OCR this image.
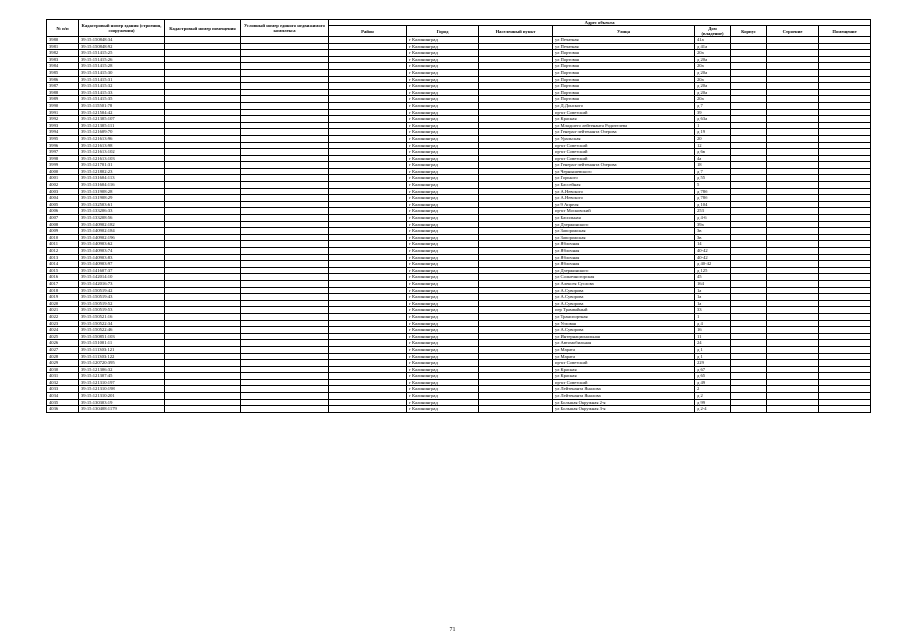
№ п/п	Кадастровый номер здания (строения, сооружения)	Кадастровый номер помещения	Условный номер единого недвижимого комплекса	Адрес объекта							
				Район	Город	Населенный пункт	Улица	Дом (владение)	Корпус	Строение	Помещение
3980	39:15:150848:34				г Калининград		ул Печатная	41а			
3981	39:15:150848:92				г Калининград		ул Печатная	д 41а			
3982	39:15:151415:25				г Калининград		ул Портовая	20а			
3983	39:15:151415:26				г Калининград		ул Портовая	д 20а			
3984	39:15:151415:28				г Калининград		ул Портовая	20а			
3985	39:15:151415:30				г Калининград		ул Портовая	д 20а			
3986	39:15:151415:31				г Калининград		ул Портовая	20а			
3987	39:15:151415:32				г Калининград		ул Портовая	д 20а			
3988	39:15:151415:33				г Калининград		ул Портовая	д 20а			
3989	39:15:151415:35				г Калининград		ул Портовая	20а			
3990	39:15:115501:78				г Калининград		ул Д.Донского	д 7			
3991	39:15:121504:42				г Калининград		пр-кт Советский	39			
3992	39:15:121305:107				г Калининград		ул Красная	д 63а			
3993	39:15:121305:111				г Калининград		ул Младшего лейтенанта Родителева	1			
3994	39:15:121609:70				г Калининград		ул Генерал-лейтенанта Озерова	д 19			
3995	39:15:121613:96				г Калининград		ул Уральская	20			
3996	39:15:121613:98				г Калининград		пр-кт Советский	12			
3997	39:15:121613:102				г Калининград		пр-кт Советский	д 6в			
3998	39:15:121613:103				г Калининград		пр-кт Советский	4а			
3999	39:15:121701:31				г Калининград		ул Генерал-лейтенанта Озерова	18			
4000	39:15:121802:23				г Калининград		ул Чернышевского	д 7			
4001	39:15:131604:113				г Калининград		ул Горького	д 55			
4002	39:15:131604:116				г Калининград		ул Бассейная	5			
4003	39:15:131908:28				г Калининград		ул А.Невского	д 78б			
4004	39:15:131908:29				г Калининград		ул А.Невского	д 78б			
4005	39:15:132503:61				г Калининград		ул 9 Апреля	д 104			
4006	39:15:133206:33				г Калининград		пр-кт Московский	253			
4007	39:15:133208:56				г Калининград		ул Басильная	д 4-6			
4008	39:15:140902:182				г Калининград		ул Дзержинского	39а			
4009	39:15:140902:184				г Калининград		ул Запорожская	3в			
4010	39:15:140902:196				г Калининград		ул Запорожская	3в			
4011	39:15:140903:62				г Калининград		ул Яблочная	14			
4012	39:15:140903:74				г Калининград		ул Яблочная	40-42			
4013	39:15:140903:83				г Калининград		ул Яблочная	40-42			
4014	39:15:140903:97				г Калининград		ул Яблочная	д 40-42			
4015	39:15:141607:37				г Калининград		ул Дзержинского	д 125			
4016	39:15:142014:10				г Калининград		ул Солнечногорская	45			
4017	39:15:142016:73				г Калининград		ул Алексея Суслова	164			
4018	39:15:150519:42				г Калининград		ул А.Суворова	1а			
4019	39:15:150519:43				г Калининград		ул А.Суворова	1а			
4020	39:15:150519:52				г Калининград		ул А.Суворова	1а			
4021	39:15:150519:53				г Калининград		пер Трамвайный	33			
4022	39:15:150521:16				г Калининград		ул Транспортная	1			
4023	39:15:150522:34				г Калининград		ул Угловая	д 4			
4024	39:15:150522:46				г Калининград		ул А.Суворова	16			
4025	39:15:150851:103				г Калининград		ул Интернациональная	11			
4026	39:15:151001:11				г Калининград		ул Автомобильная	24			
4027	39:15:111303:121				г Калининград		ул Марата	д 1			
4028	39:15:111303:122				г Калининград		ул Марата	д 1			
4029	39:15:120720:395				г Калининград		пр-кт Советский	229			
4030	39:15:121306:32				г Калининград		ул Красная	д 67			
4031	39:15:121307:45				г Калининград		ул Красная	д 65			
4032	39:15:121310:197				г Калининград		пр-кт Советский	д 49			
4033	39:15:121310:198				г Калининград		ул Лейтенанта Яналова	2			
4034	39:15:121310:201				г Калининград		ул Лейтенанта Яналова	д 2			
4035	39:15:130303:19				г Калининград		ул Большая Окружная 2-я	д 99			
4036	39:15:130408:1179				г Калининград		ул Большая Окружная 3-я	д 2-4			
71
